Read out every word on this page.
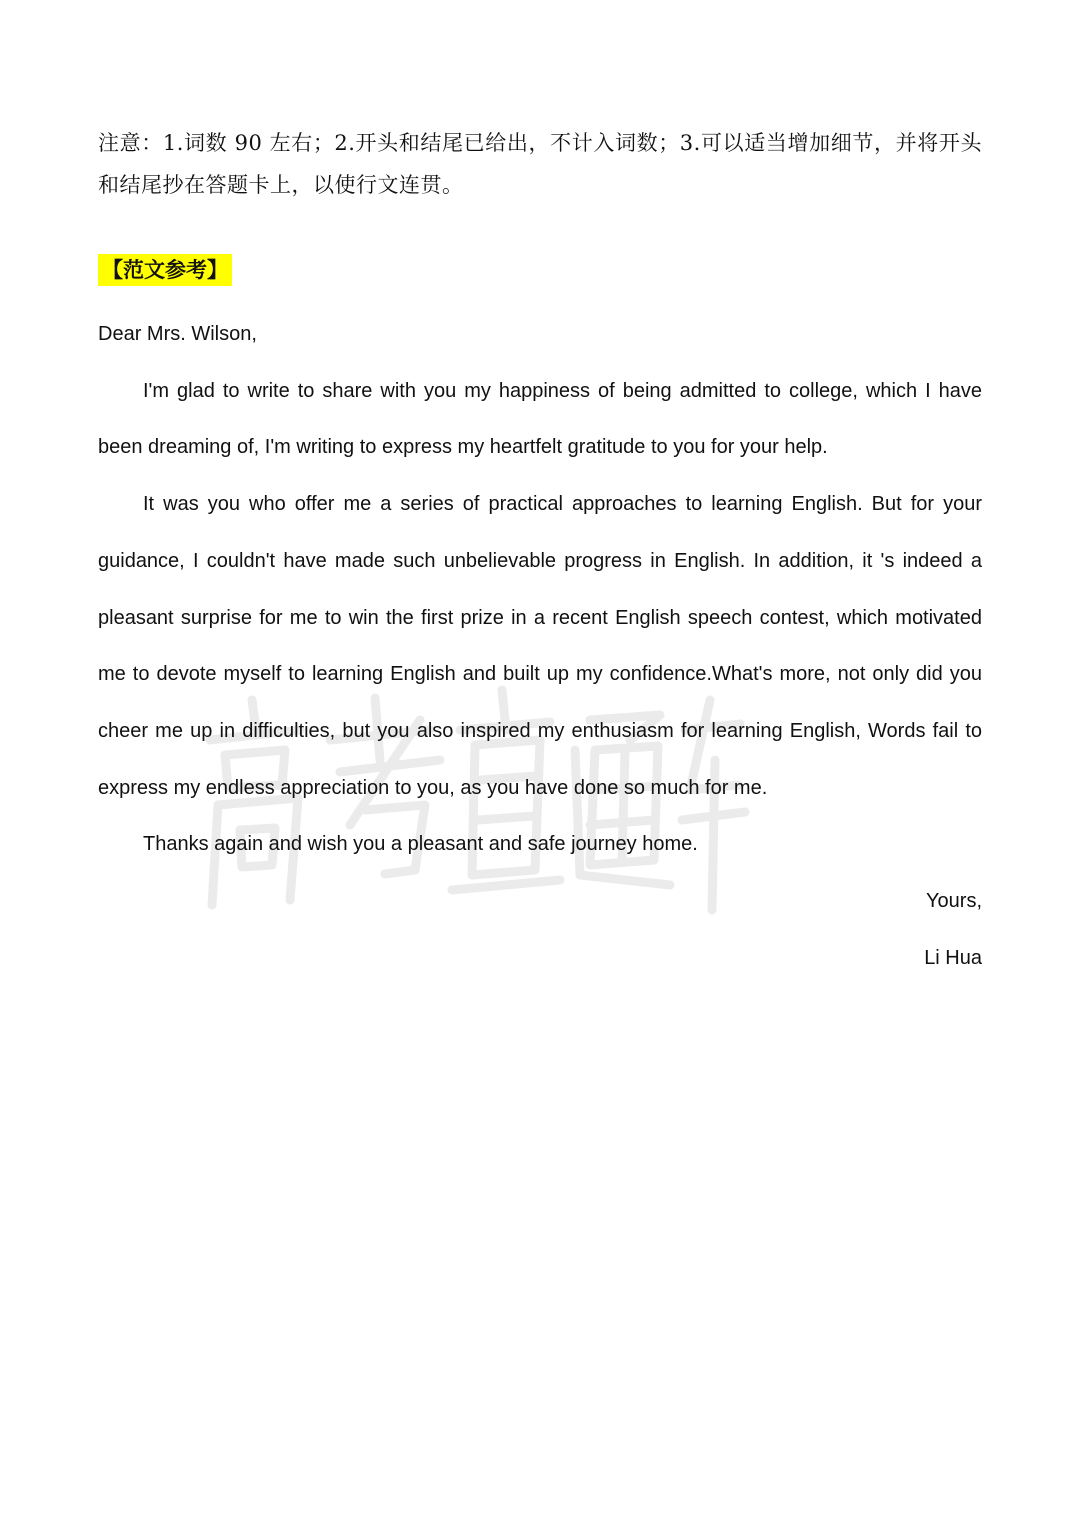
注意：1.词数 90 左右；2.开头和结尾已给出，不计入词数；3.可以适当增加细节，并将开头和结尾抄在答题卡上，以使行文连贯。

【范文参考】

Dear Mrs. Wilson,

I'm glad to write to share with you my happiness of being admitted to college, which I have been dreaming of, I'm writing to express my heartfelt gratitude to you for your help.

It was you who offer me a series of practical approaches to learning English. But for your guidance, I couldn't have made such unbelievable progress in English. In addition, it 's indeed a pleasant surprise for me to win the first prize in a recent English speech contest, which motivated me to devote myself to learning English and built up my confidence.What's more, not only did you cheer me up in difficulties, but you also inspired my enthusiasm for learning English, Words fail to express my endless appreciation to you, as you have done so much for me.

Thanks again and wish you a pleasant and safe journey home.

Yours,

Li Hua
